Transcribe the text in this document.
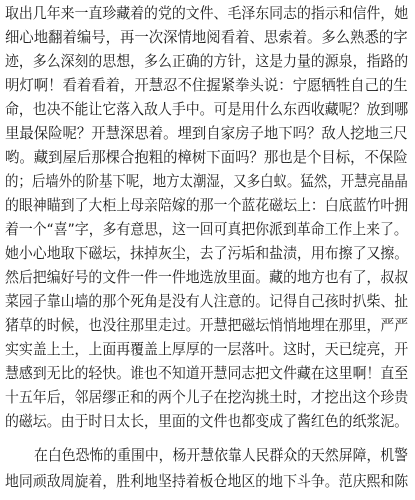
取出几年来一直珍藏着的党的文件、毛泽东同志的指示和信件，她
细心地翻着编号，再一次深情地阅看着、思索着。多么熟悉的字
迹，多么深刻的思想，多么正确的方针，这是力量的源泉，指路的
明灯啊！看着看着，开慧忍不住握紧拳头说：宁愿牺牲自己的生
命，也决不能让它落入敌人手中。可是用什么东西收藏呢？放到哪
里最保险呢？开慧深思着。埋到自家房子地下吗？敌人挖地三尺
哟。藏到屋后那棵合抱粗的樟树下面吗？那也是个目标，不保险
的；后墙外的阶基下呢，地方太潮湿，又多白蚁。猛然，开慧亮晶晶
的眼神瞄到了大柜上母亲陪嫁的那一个蓝花磁坛上：白底蓝竹叶拥
着一个“喜”字，多有意思，这一回可真把你派到革命工作上来了。
她小心地取下磁坛，抹掉灰尘，去了污垢和盐渍，用布擦了又擦。
然后把编好号的文件一件一件地选放里面。藏的地方也有了，叔叔
菜园子靠山墙的那个死角是没有人注意的。记得自己孩时扒柴、扯
猪草的时候，也没往那里走过。开慧把磁坛悄悄地埋在那里，严严
实实盖上土，上面再覆盖上厚厚的一层落叶。这时，天已绽亮，开
慧感到无比的轻快。谁也不知道开慧同志把文件藏在这里啊！直至
十五年后，邻居缪正和的两个儿子在挖沟挑土时，才挖出这个珍贵
的磁坛。由于时日太长，里面的文件也都变成了酱红色的纸浆泥。
在白色恐怖的重围中，杨开慧依靠人民群众的天然屏障，机警
地同顽敌周旋着，胜利地坚持着板仓地区的地下斗争。范庆熙和陈
